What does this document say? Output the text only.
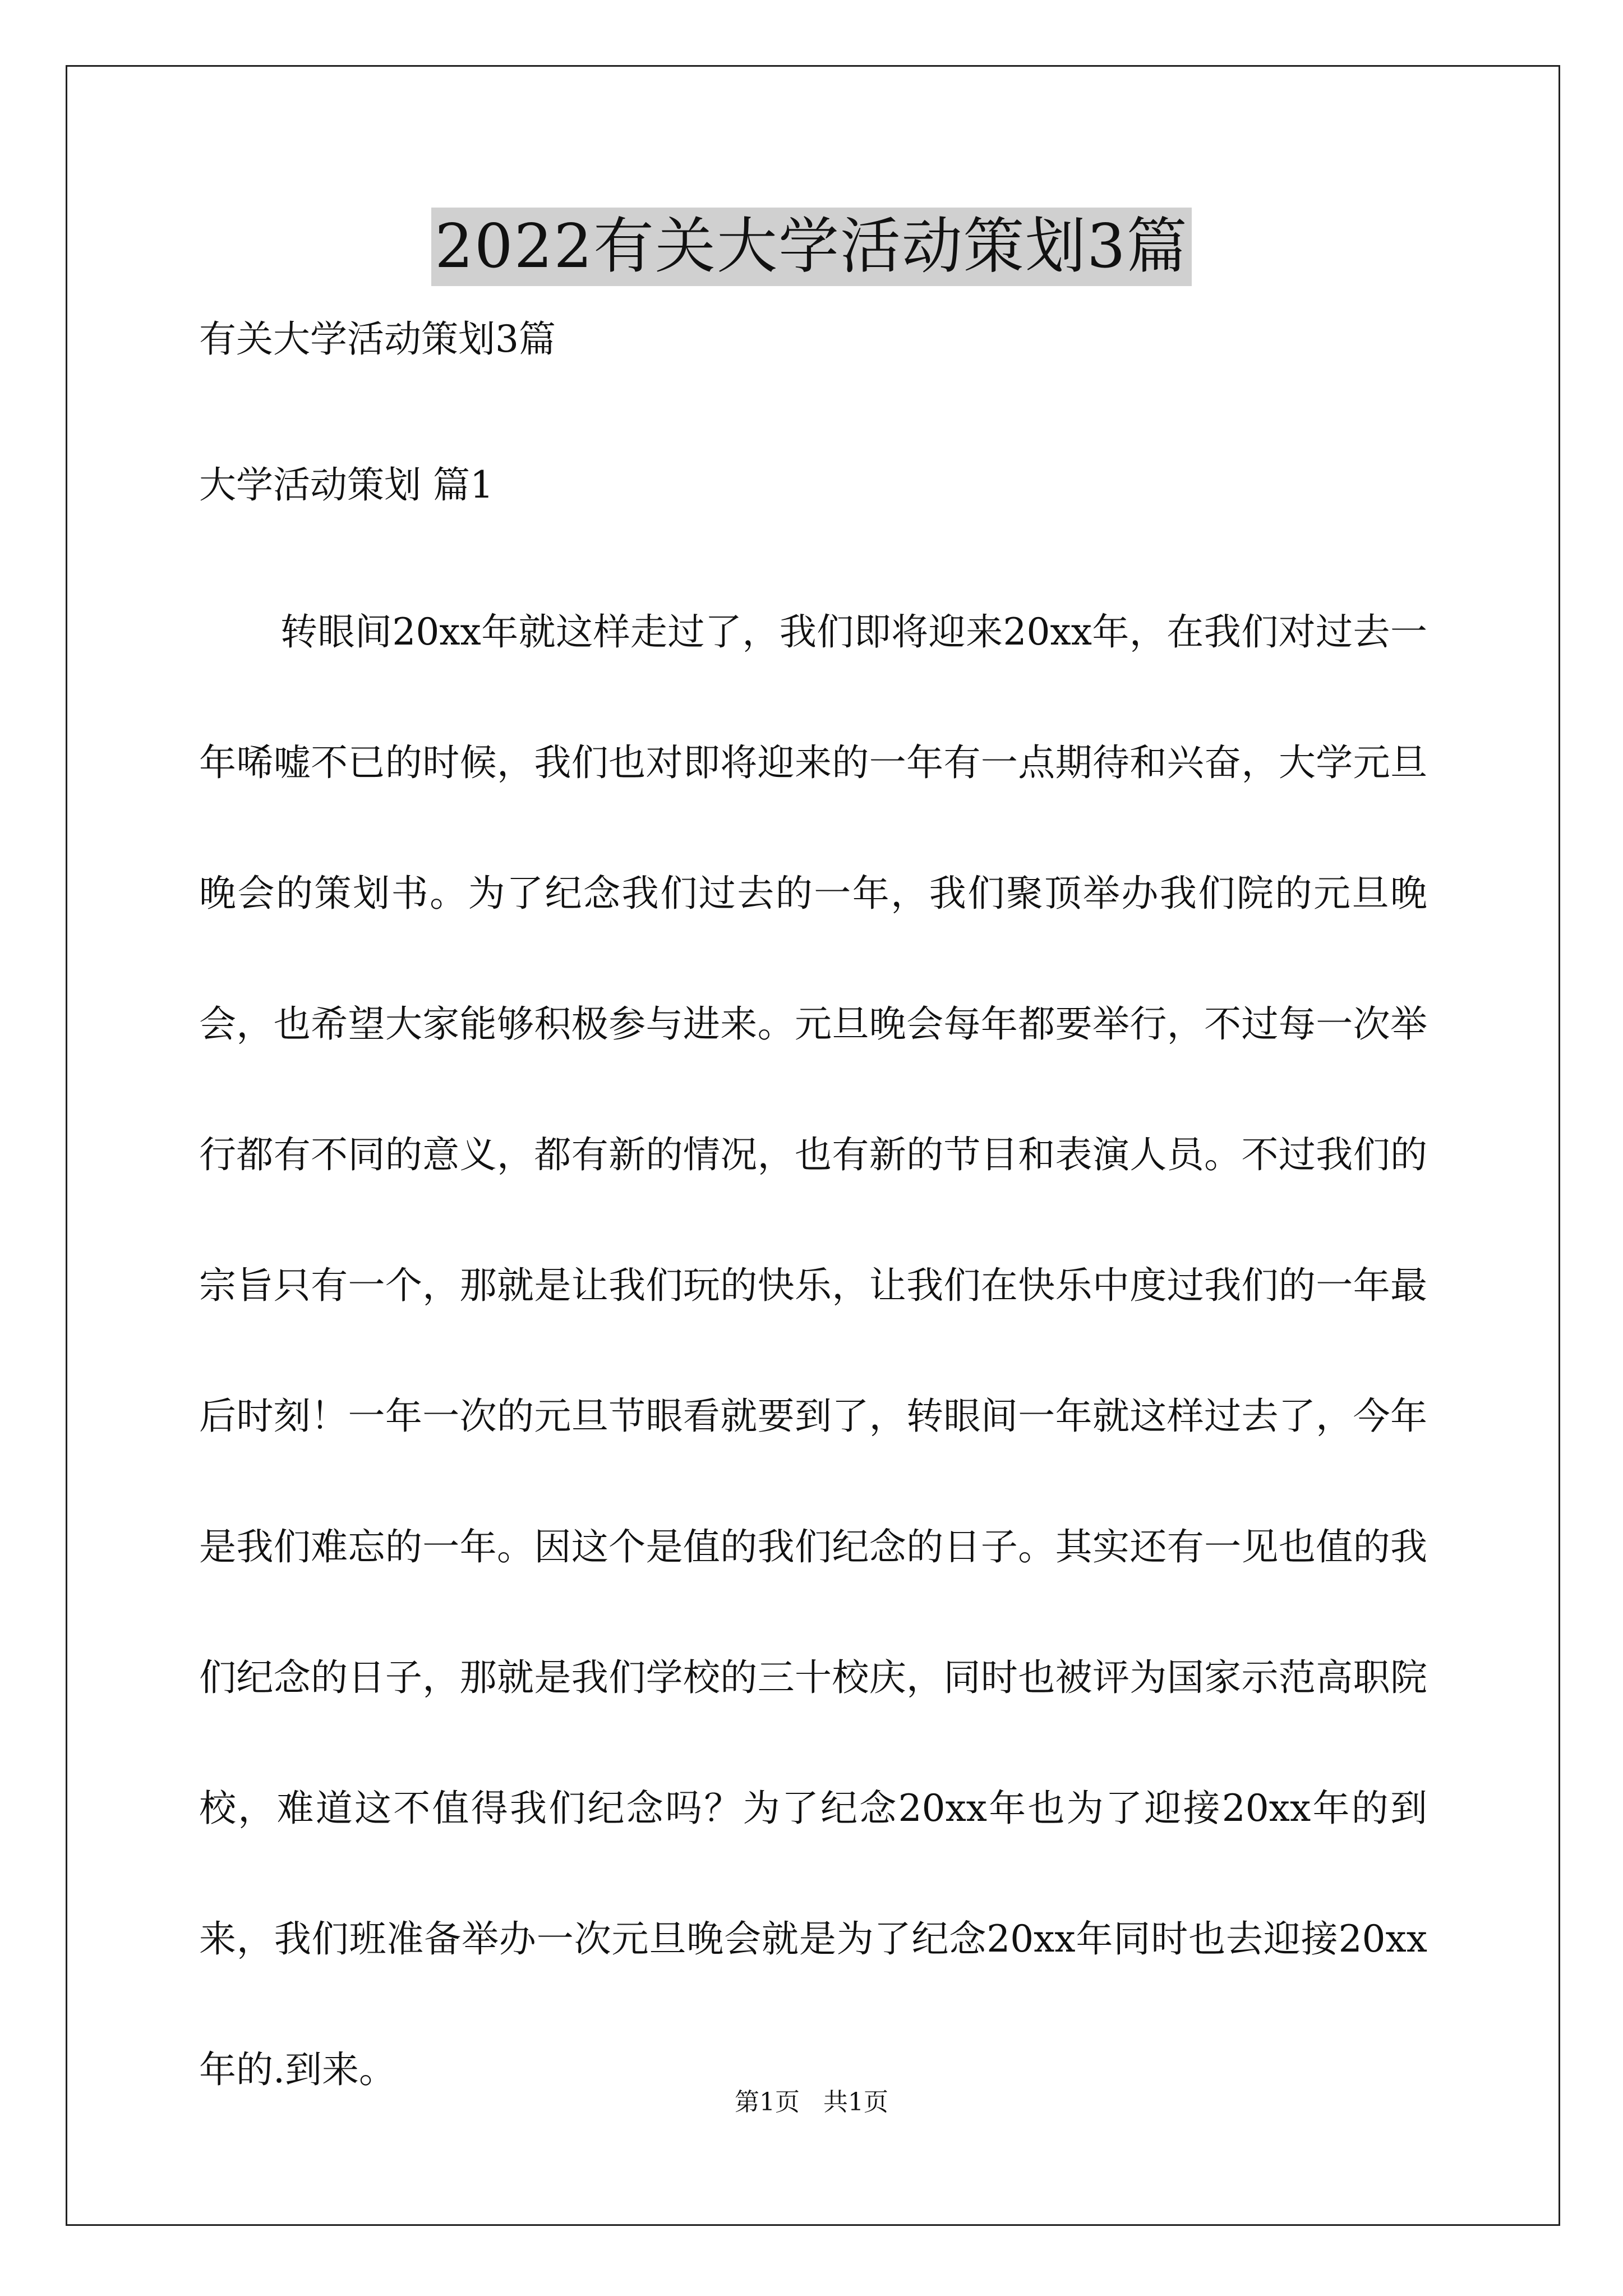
2022有关大学活动策划3篇
有关大学活动策划3篇
大学活动策划 篇1

转眼间20xx年就这样走过了，我们即将迎来20xx年，在我们对过去一年唏嘘不已的时候，我们也对即将迎来的一年有一点期待和兴奋，大学元旦晚会的策划书。为了纪念我们过去的一年，我们聚顶举办我们院的元旦晚会，也希望大家能够积极参与进来。元旦晚会每年都要举行，不过每一次举行都有不同的意义，都有新的情况，也有新的节目和表演人员。不过我们的宗旨只有一个，那就是让我们玩的快乐，让我们在快乐中度过我们的一年最后时刻！一年一次的元旦节眼看就要到了，转眼间一年就这样过去了，今年是我们难忘的一年。因这个是值的我们纪念的日子。其实还有一见也值的我们纪念的日子，那就是我们学校的三十校庆，同时也被评为国家示范高职院校，难道这不值得我们纪念吗？为了纪念20xx年也为了迎接20xx年的到来，我们班准备举办一次元旦晚会就是为了纪念20xx年同时也去迎接20xx年的.到来。

第1页   共1页
